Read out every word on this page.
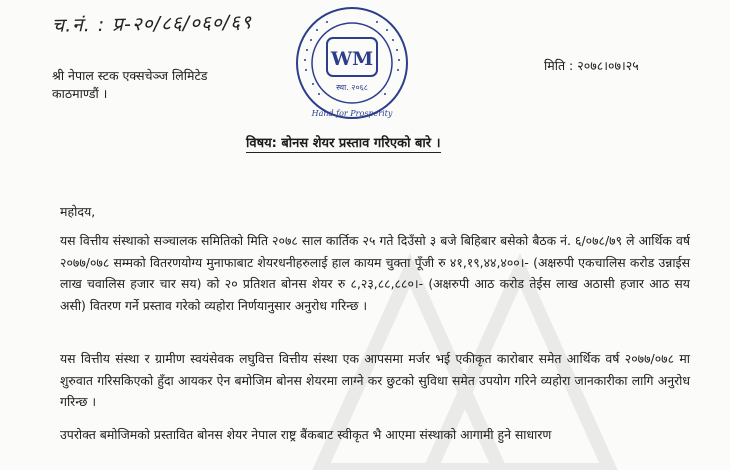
च.नं. : प्र-२०/८६/०६०/६९
WM
स्था. २०६८
Hand for Prosperity
मिति : २०७८।०७।२५
श्री नेपाल स्टक एक्सचेञ्ज लिमिटेड
काठमाण्डौं ।
विषय: बोनस शेयर प्रस्ताव गरिएको बारे ।
महोदय,
यस वित्तीय संस्थाको सञ्चालक समितिको मिति २०७८ साल कार्तिक २५ गते दिउँसो ३ बजे बिहिबार बसेको बैठक नं. ६/०७८/७९ ले आर्थिक वर्ष २०७७/०७८ सम्मको वितरणयोग्य मुनाफाबाट शेयरधनीहरुलाई हाल कायम चुक्ता पूँजी रु ४१,१९,४४,४००।- (अक्षरुपी एकचालिस करोड उन्नाईस लाख चवालिस हजार चार सय) को २० प्रतिशत बोनस शेयर रु ८,२३,८८,८८०।- (अक्षरुपी आठ करोड तेईस लाख अठासी हजार आठ सय असी) वितरण गर्ने प्रस्ताव गरेको व्यहोरा निर्णयानुसार अनुरोध गरिन्छ ।
यस वित्तीय संस्था र ग्रामीण स्वयंसेवक लघुवित्त वित्तीय संस्था एक आपसमा मर्जर भई एकीकृत कारोबार समेत आर्थिक वर्ष २०७७/०७८ मा शुरुवात गरिसकिएको हुँदा आयकर ऐन बमोजिम बोनस शेयरमा लाग्ने कर छुटको सुविधा समेत उपयोग गरिने व्यहोरा जानकारीका लागि अनुरोध गरिन्छ ।
उपरोक्त बमोजिमको प्रस्तावित बोनस शेयर नेपाल राष्ट्र बैंकबाट स्वीकृत भै आएमा संस्थाको आगामी हुने साधारण
